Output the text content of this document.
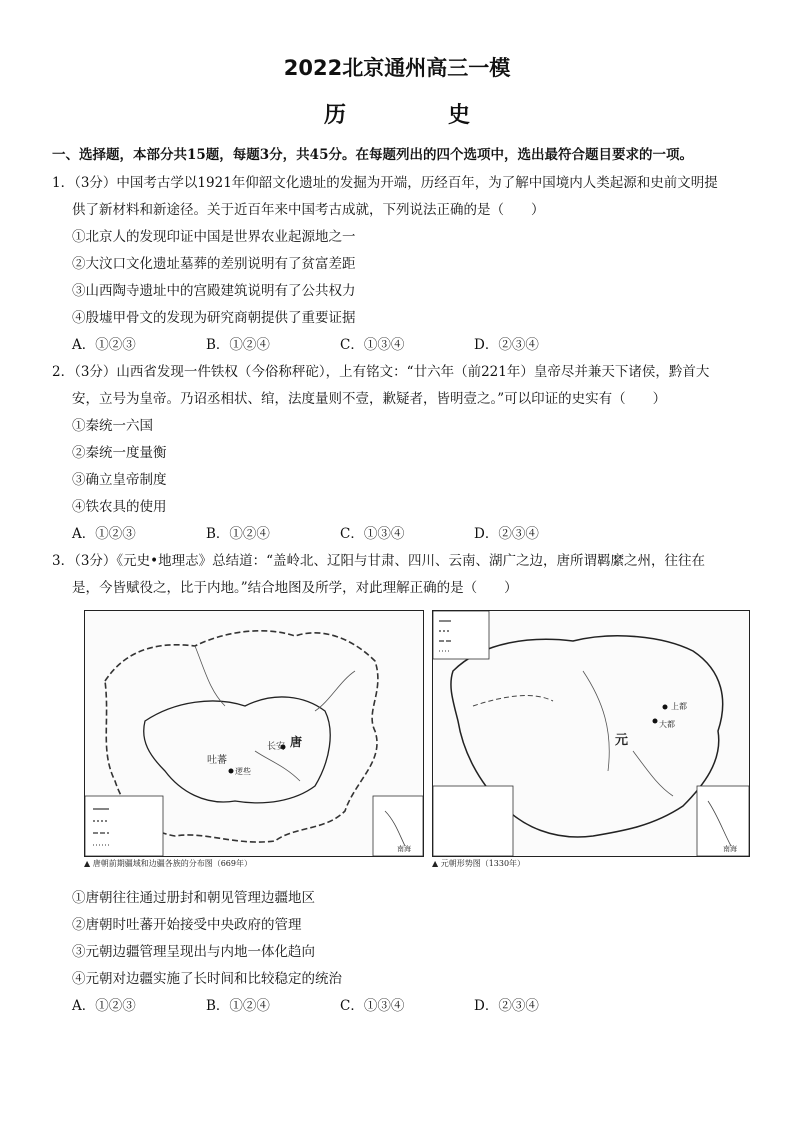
2022北京通州高三一模
历　史
一、选择题，本部分共15题，每题3分，共45分。在每题列出的四个选项中，选出最符合题目要求的一项。
1．（3分）中国考古学以1921年仰韶文化遗址的发掘为开端，历经百年，为了解中国境内人类起源和史前文明提
供了新材料和新途径。关于近百年来中国考古成就，下列说法正确的是（　　）
①北京人的发现印证中国是世界农业起源地之一
②大汶口文化遗址墓葬的差别说明有了贫富差距
③山西陶寺遗址中的宫殿建筑说明有了公共权力
④殷墟甲骨文的发现为研究商朝提供了重要证据
A．①②③	B．①②④	C．①③④	D．②③④
2．（3分）山西省发现一件铁权（今俗称秤砣），上有铭文：“廿六年（前221年）皇帝尽并兼天下诸侯，黔首大
安，立号为皇帝。乃诏丞相状、绾，法度量则不壹，歉疑者，皆明壹之。”可以印证的史实有（　　）
①秦统一六国
②秦统一度量衡
③确立皇帝制度
④铁农具的使用
A．①②③	B．①②④	C．①③④	D．②③④
3．（3分）《元史•地理志》总结道：“盖岭北、辽阳与甘肃、四川、云南、湖广之边，唐所谓羁縻之州，往往在
是，今皆赋役之，比于内地。”结合地图及所学，对此理解正确的是（　　）
唐
长安
吐蕃
逻些
南海
▲ 唐朝前期疆域和边疆各族的分布图（669年）
元
大都
上都
南海
▲ 元朝形势图（1330年）
①唐朝往往通过册封和朝见管理边疆地区
②唐朝时吐蕃开始接受中央政府的管理
③元朝边疆管理呈现出与内地一体化趋向
④元朝对边疆实施了长时间和比较稳定的统治
A．①②③	B．①②④	C．①③④	D．②③④
